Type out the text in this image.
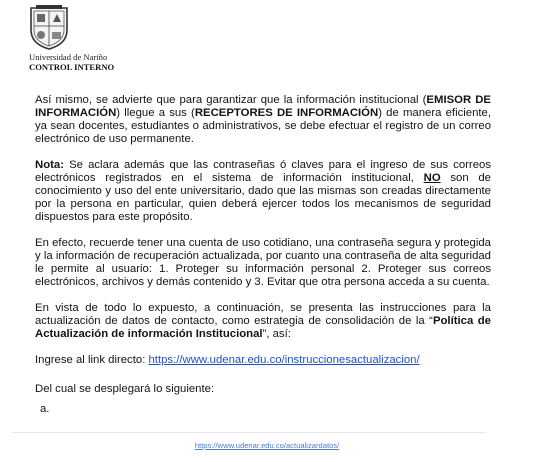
Universidad de Nariño
CONTROL INTERNO

Así mismo, se advierte que para garantizar que la información institucional (EMISOR DE INFORMACIÓN) llegue a sus (RECEPTORES DE INFORMACIÓN) de manera eficiente, ya sean docentes, estudiantes o administrativos, se debe efectuar el registro de un correo electrónico de uso permanente.

Nota: Se aclara además que las contraseñas ó claves para el ingreso de sus correos electrónicos registrados en el sistema de información institucional, NO son de conocimiento y uso del ente universitario, dado que las mismas son creadas directamente por la persona en particular, quien deberá ejercer todos los mecanismos de seguridad dispuestos para este propósito.

En efecto, recuerde tener una cuenta de uso cotidiano, una contraseña segura y protegida y la información de recuperación actualizada, por cuanto una contraseña de alta seguridad le permite al usuario: 1. Proteger su información personal 2. Proteger sus correos electrónicos, archivos y demás contenido y 3. Evitar que otra persona acceda a su cuenta.

En vista de todo lo expuesto, a continuación, se presenta las instrucciones para la actualización de datos de contacto, como estrategia de consolidación de la “Política de Actualización de información Institucional”, así:

Ingrese al link directo: https://www.udenar.edu.co/instruccionesactualizacion/

Del cual se desplegará lo siguiente:

a.
https://www.udenar.edu.co/actualizardatos/
